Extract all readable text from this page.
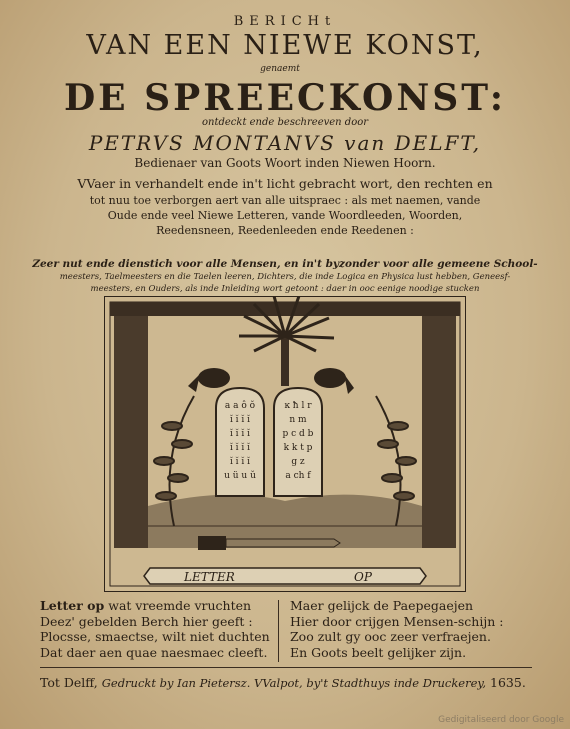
BERICHt
VAN EEN NIEWE KONST,
genaemt
DE SPREECKONST:
ontdeckt ende beschreeven door
PETRVS MONTANVS van DELFT,
Bedienaer van Goots Woort inden Niewen Hoorn.
VVaer in verhandelt ende in't licht gebracht wort, den rechten en
tot nuu toe verborgen aert van alle uitspraec : als met naemen, vande
Oude ende veel Niewe Letteren, vande Woordleeden, Woorden,
Reedensneen, Reedenleeden ende Reedenen :
Zeer nut ende dienstich voor alle Mensen, en in't byzonder voor alle gemeene School-
meesters, Taelmeesters en die Taelen leeren, Dichters, die inde Logica en Physica lust hebben, Geneesf-
meesters, en Ouders, als inde Inleiding wort getoont : daer in ooc eenige noodige stucken
a a ô ŏ
ĭ ĭ ĭ ĭ
ĭ ĭ ĭ ĭ
ĭ ĭ ĭ ĭ
ĭ ĭ ĭ ĭ
u ü u ŭ
ĸ ħ l r
n m
p c d b
k k t p
g z
a ch f
LETTER	OP
Letter op wat vreemde vruchten
Deez' gebelden Berch hier geeft :
Plocsse, smaectse, wilt niet duchten
Dat daer aen quae naesmaec cleeft.
Maer gelijck de Paepegaejen
Hier door crijgen Mensen-schijn :
Zoo zult gy ooc zeer verfraejen.
En Goots beelt gelijker zijn.
Tot Delff, Gedruckt by Ian Pietersz. VValpot, by't Stadthuys inde Druckerey, 1635.
Gedigitaliseerd door Google
